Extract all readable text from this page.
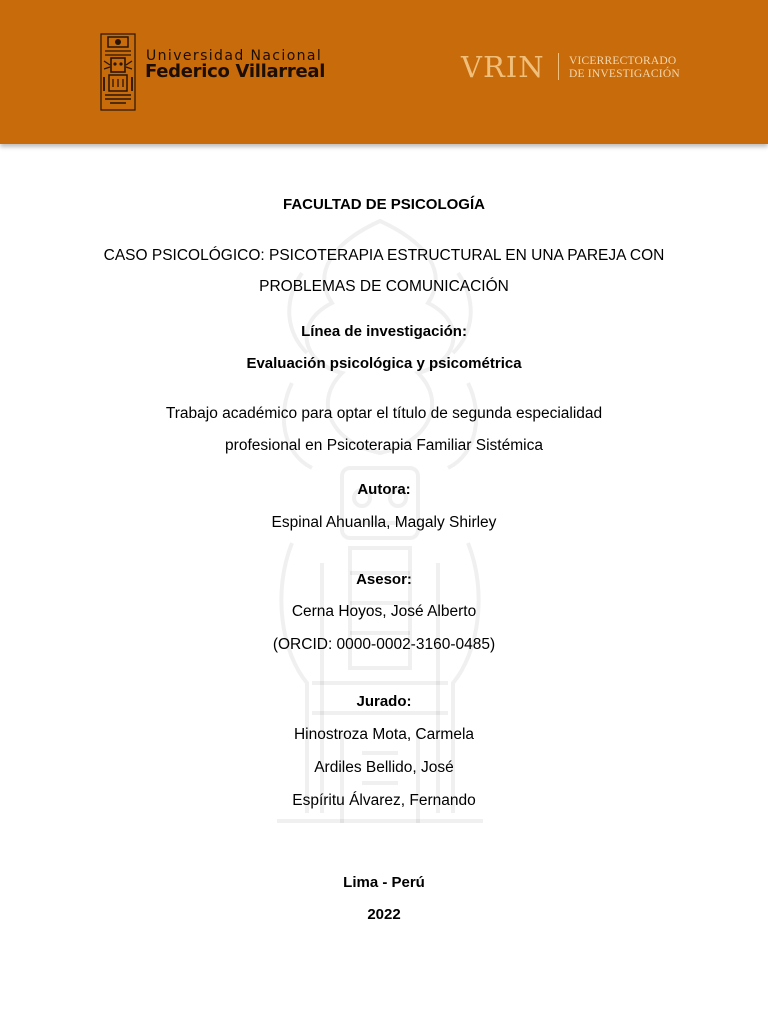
Universidad Nacional
Federico Villarreal	VRIN VICERRECTORADO
DE INVESTIGACIÓN
FACULTAD DE PSICOLOGÍA
CASO PSICOLÓGICO: PSICOTERAPIA ESTRUCTURAL EN UNA PAREJA CON
PROBLEMAS DE COMUNICACIÓN
Línea de investigación:
Evaluación psicológica y psicométrica
Trabajo académico para optar el título de segunda especialidad
profesional en Psicoterapia Familiar Sistémica
Autora:
Espinal Ahuanlla, Magaly Shirley
Asesor:
Cerna Hoyos, José Alberto
(ORCID: 0000-0002-3160-0485)
Jurado:
Hinostroza Mota, Carmela
Ardiles Bellido, José
Espíritu Álvarez, Fernando
Lima - Perú
2022
